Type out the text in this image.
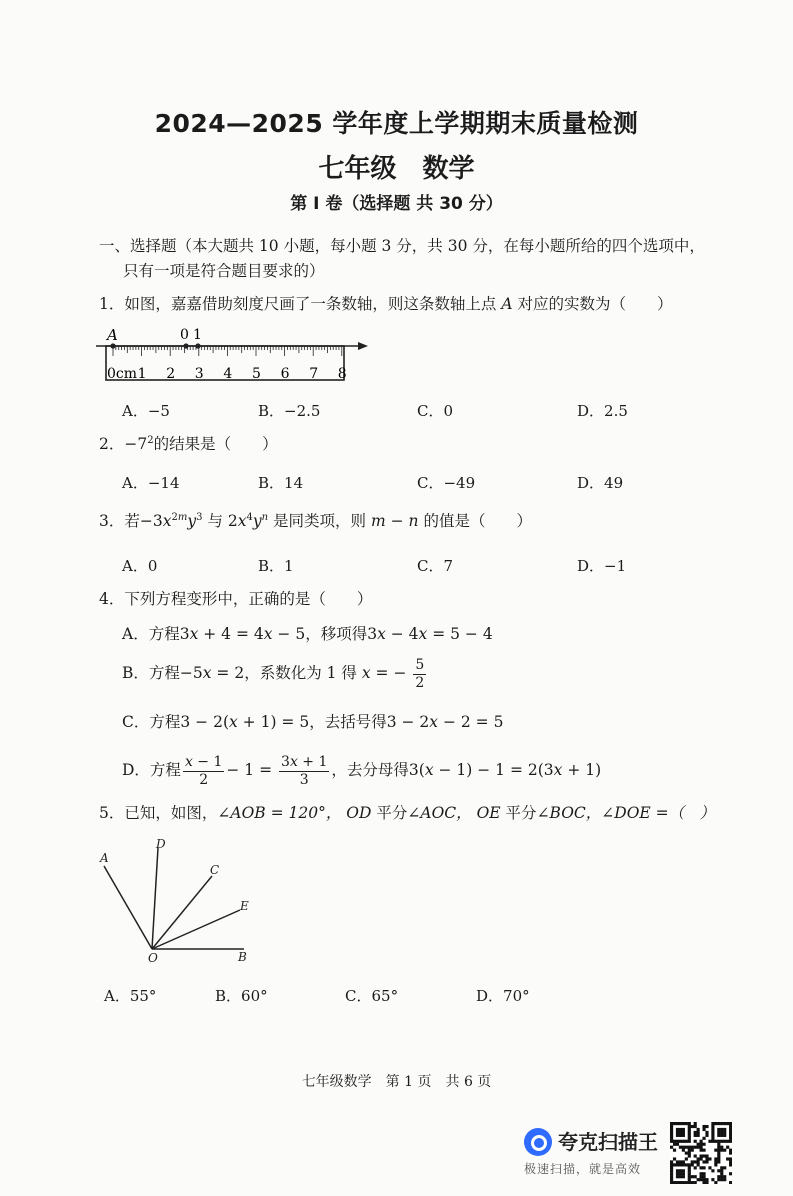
2024—2025 学年度上学期期末质量检测
七年级 数学
第 I 卷（选择题 共 30 分）
一、选择题（本大题共 10 小题，每小题 3 分，共 30 分，在每小题所给的四个选项中，
只有一项是符合题目要求的）
1．如图，嘉嘉借助刻度尺画了一条数轴，则这条数轴上点 A 对应的实数为（　　）
A	0 1
0cm 1 2 3 4 5 6 7 8
A．−5	B．−2.5	C．0	D．2.5
2．$-7^2$的结果是（　　）
A．−14	B．14	C．−49	D．49
3．若$-3x^{2m}y^3$ 与 $2x^4y^n$ 是同类项，则 m − n 的值是（　　）
A．0	B．1	C．7	D．−1
4．下列方程变形中，正确的是（　　）
A．方程3x + 4 = 4x − 5，移项得3x − 4x = 5 − 4
B．方程−5x = 2，系数化为 1 得 x = − $\frac{5}{2}$
C．方程3 − 2(x + 1) = 5，去括号得3 − 2x − 2 = 5
D．方程 $\frac{x - 1}{2} - 1 = \frac{3x + 1}{3}$ ，去分母得3(x − 1) − 1 = 2(3x + 1)
5．已知，如图，∠AOB = 120°， OD 平分∠AOC， OE 平分∠BOC，∠DOE =（　）
A
D
C
E
O	B
A．55°	B．60°	C．65°	D．70°
七年级数学　第 1 页　共 6 页
夸克扫描王
极速扫描，就是高效
